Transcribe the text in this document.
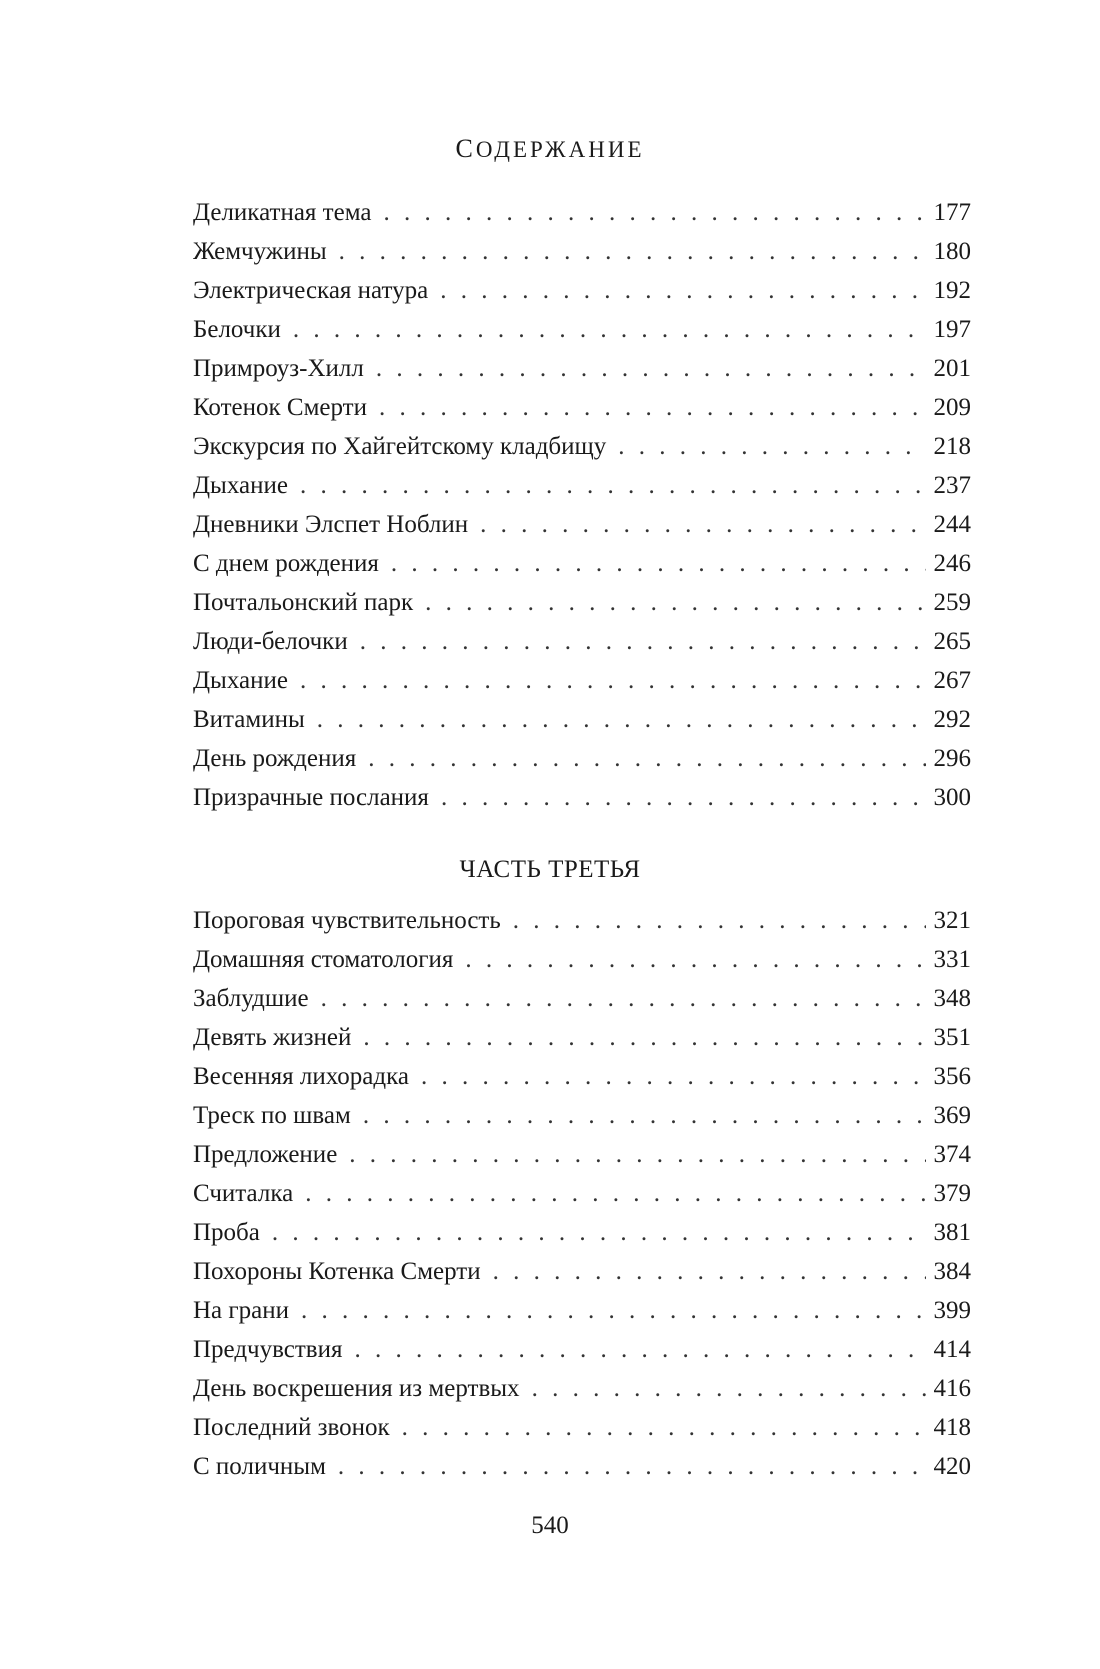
СОДЕРЖАНИЕ
Деликатная тема . . .	177
Жемчужины . . .	180
Электрическая натура . . .	192
Белочки . . .	197
Примроуз-Хилл . . .	201
Котенок Смерти . . .	209
Экскурсия по Хайгейтскому кладбищу . . .	218
Дыхание . . .	237
Дневники Элспет Ноблин . . .	244
С днем рождения . . .	246
Почтальонский парк . . .	259
Люди-белочки . . .	265
Дыхание . . .	267
Витамины . . .	292
День рождения . . .	296
Призрачные послания . . .	300
ЧАСТЬ ТРЕТЬЯ
Пороговая чувствительность . . .	321
Домашняя стоматология . . .	331
Заблудшие . . .	348
Девять жизней . . .	351
Весенняя лихорадка . . .	356
Треск по швам . . .	369
Предложение . . .	374
Считалка . . .	379
Проба . . .	381
Похороны Котенка Смерти . . .	384
На грани . . .	399
Предчувствия . . .	414
День воскрешения из мертвых . . .	416
Последний звонок . . .	418
С поличным . . .	420
540
